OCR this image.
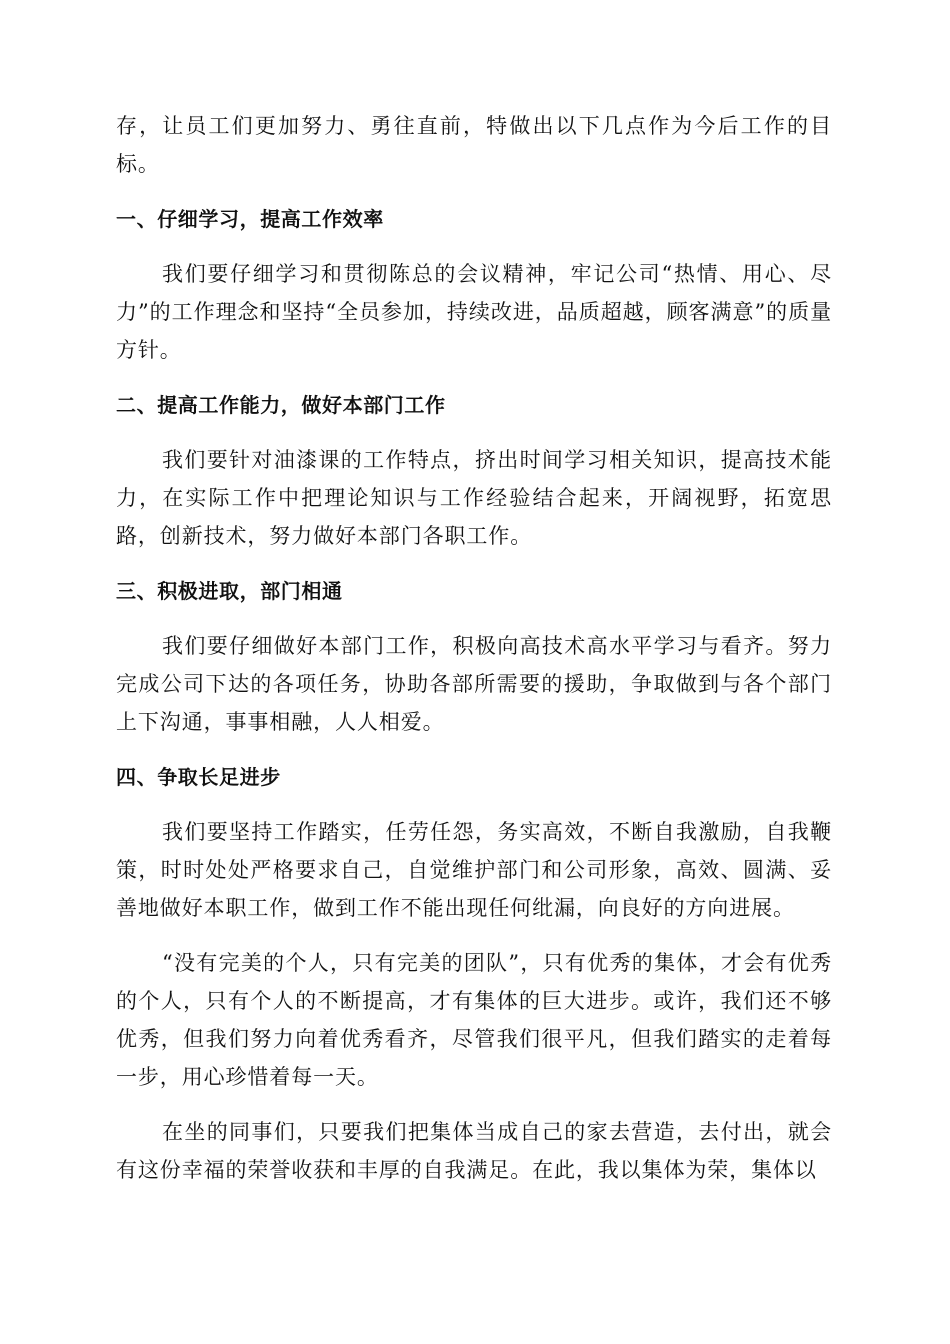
存，让员工们更加努力、勇往直前，特做出以下几点作为今后工作的目标。

一、仔细学习，提高工作效率

我们要仔细学习和贯彻陈总的会议精神，牢记公司“热情、用心、尽力”的工作理念和坚持“全员参加，持续改进，品质超越，顾客满意”的质量方针。

二、提高工作能力，做好本部门工作

我们要针对油漆课的工作特点，挤出时间学习相关知识，提高技术能力，在实际工作中把理论知识与工作经验结合起来，开阔视野，拓宽思路，创新技术，努力做好本部门各职工作。

三、积极进取，部门相通

我们要仔细做好本部门工作，积极向高技术高水平学习与看齐。努力完成公司下达的各项任务，协助各部所需要的援助，争取做到与各个部门上下沟通，事事相融，人人相爱。

四、争取长足进步

我们要坚持工作踏实，任劳任怨，务实高效，不断自我激励，自我鞭策，时时处处严格要求自己，自觉维护部门和公司形象，高效、圆满、妥善地做好本职工作，做到工作不能出现任何纰漏，向良好的方向进展。

“没有完美的个人，只有完美的团队”，只有优秀的集体，才会有优秀的个人，只有个人的不断提高，才有集体的巨大进步。或许，我们还不够优秀，但我们努力向着优秀看齐，尽管我们很平凡，但我们踏实的走着每一步，用心珍惜着每一天。

在坐的同事们，只要我们把集体当成自己的家去营造，去付出，就会有这份幸福的荣誉收获和丰厚的自我满足。在此，我以集体为荣，集体以
